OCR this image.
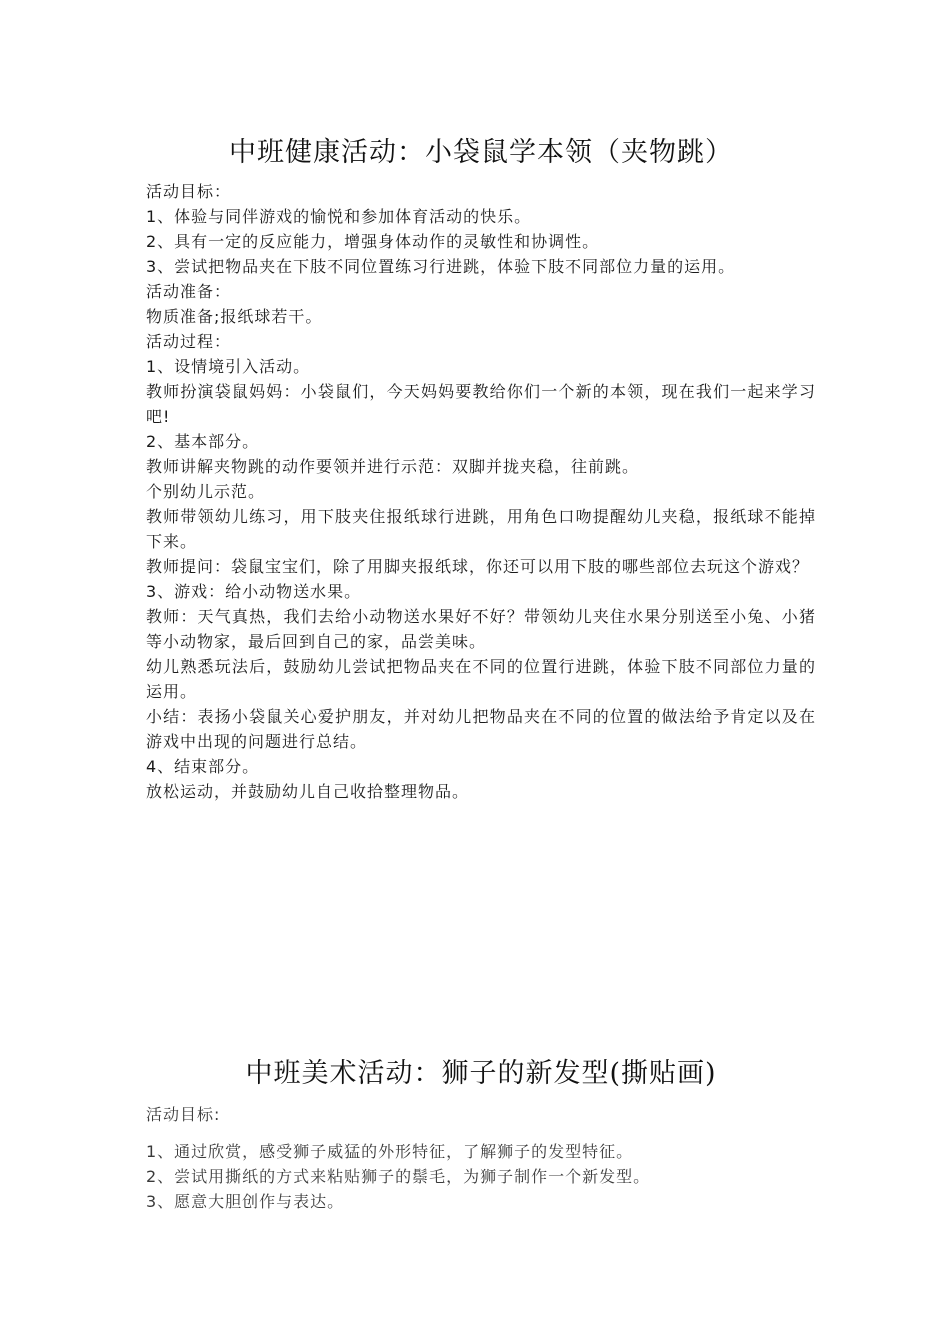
中班健康活动：小袋鼠学本领（夹物跳）

活动目标：

1、体验与同伴游戏的愉悦和参加体育活动的快乐。

2、具有一定的反应能力，增强身体动作的灵敏性和协调性。

3、尝试把物品夹在下肢不同位置练习行进跳，体验下肢不同部位力量的运用。

活动准备：

物质准备;报纸球若干。

活动过程：

1、设情境引入活动。

教师扮演袋鼠妈妈：小袋鼠们，今天妈妈要教给你们一个新的本领，现在我们一起来学习吧!

2、基本部分。

教师讲解夹物跳的动作要领并进行示范：双脚并拢夹稳，往前跳。

个别幼儿示范。

教师带领幼儿练习，用下肢夹住报纸球行进跳，用角色口吻提醒幼儿夹稳，报纸球不能掉下来。

教师提问：袋鼠宝宝们，除了用脚夹报纸球，你还可以用下肢的哪些部位去玩这个游戏？

3、游戏：给小动物送水果。

教师：天气真热，我们去给小动物送水果好不好？带领幼儿夹住水果分别送至小兔、小猪等小动物家，最后回到自己的家，品尝美味。

幼儿熟悉玩法后，鼓励幼儿尝试把物品夹在不同的位置行进跳，体验下肢不同部位力量的运用。

小结：表扬小袋鼠关心爱护朋友，并对幼儿把物品夹在不同的位置的做法给予肯定以及在游戏中出现的问题进行总结。

4、结束部分。

放松运动，并鼓励幼儿自己收拾整理物品。

中班美术活动：狮子的新发型(撕贴画)

活动目标:

1、通过欣赏，感受狮子威猛的外形特征，了解狮子的发型特征。

2、尝试用撕纸的方式来粘贴狮子的鬃毛，为狮子制作一个新发型。

3、愿意大胆创作与表达。
